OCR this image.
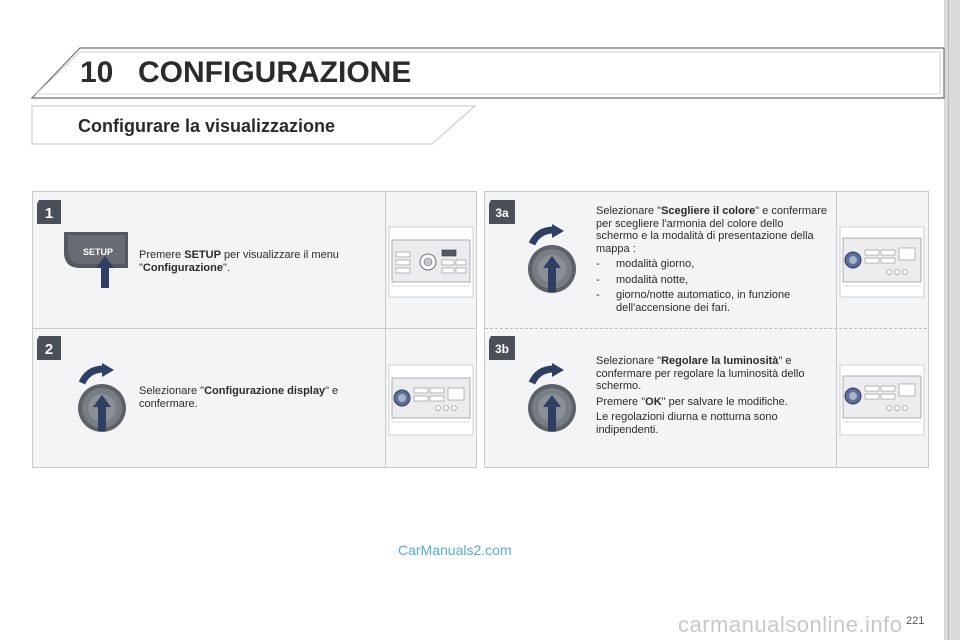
10 CONFIGURAZIONE
Configurare la visualizzazione
1
2
3a
3b
SETUP Premere SETUP per visualizzare il menu "Configurazione".
Selezionare "Configurazione display" e confermare.

Selezionare "Scegliere il colore" e confermare per scegliere l'armonia del colore dello schermo e la modalità di presentazione della mappa :

-	modalità giorno,
-	modalità notte,
-	giorno/notte automatico, in funzione dell'accensione dei fari.

Selezionare "Regolare la luminosità" e confermare per regolare la luminosità dello schermo.

Premere "OK" per salvare le modifiche.

Le regolazioni diurna e notturna sono indipendenti.

CarManuals2.com
carmanualsonline.info 221
